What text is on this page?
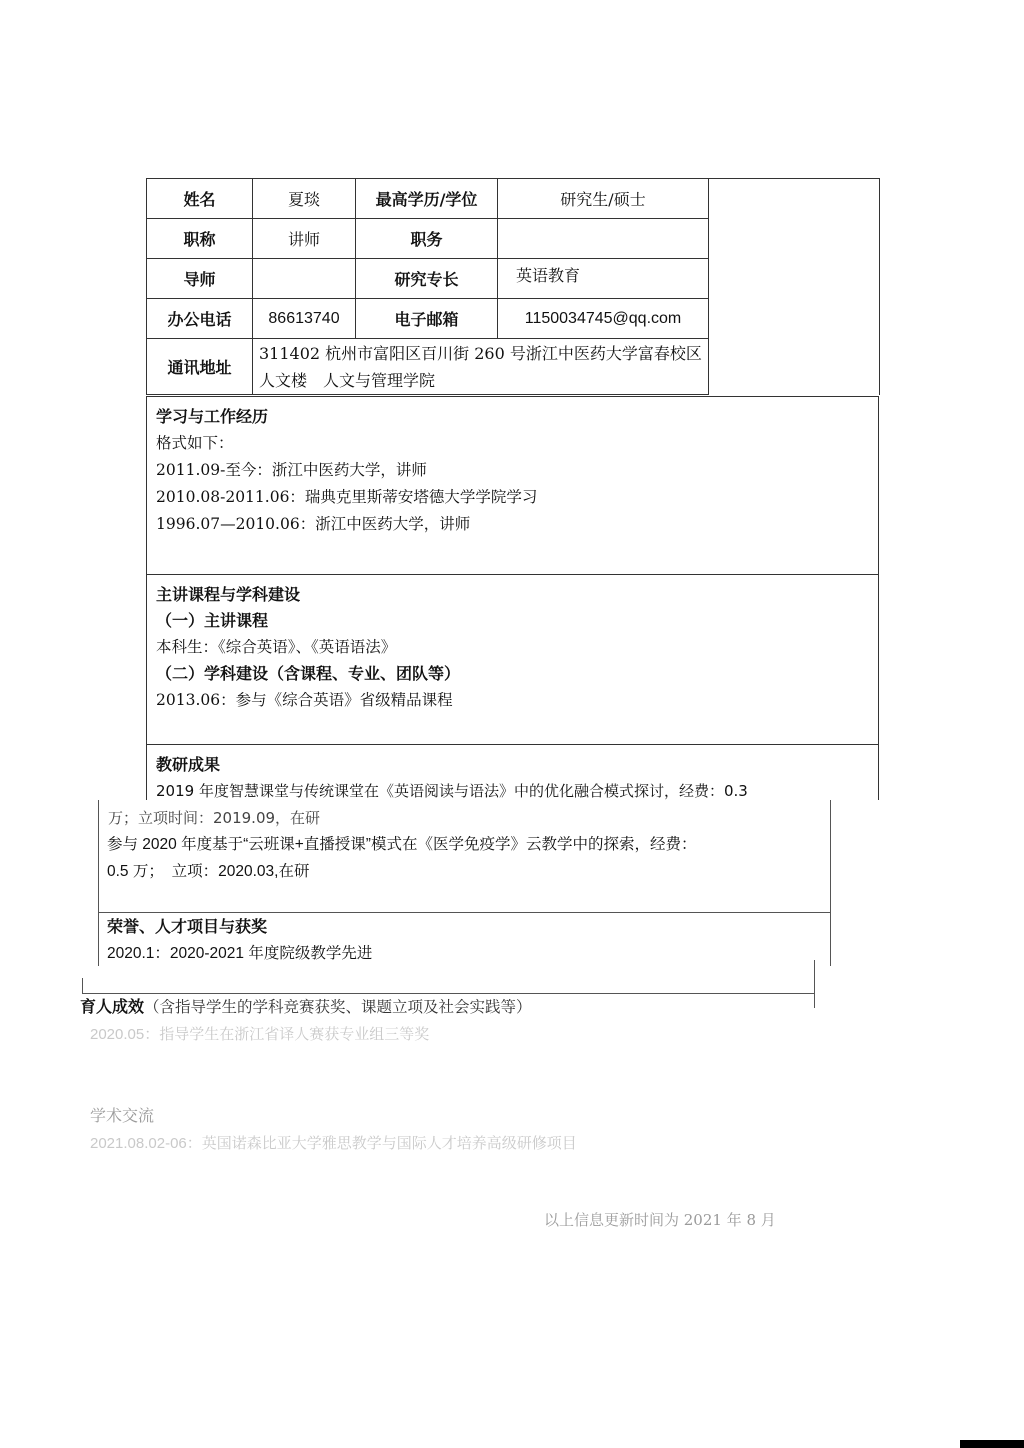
姓名	夏琰	最高学历/学位	研究生/硕士	
职称	讲师	职务		
导师		研究专长	英语教育	
办公电话	86613740	电子邮箱	1150034745@qq.com	
通讯地址	311402 杭州市富阳区百川街 260 号浙江中医药大学富春校区人文楼　人文与管理学院			
学习与工作经历
格式如下：
2011.09-至今：浙江中医药大学，讲师
2010.08-2011.06：瑞典克里斯蒂安塔德大学学院学习
1996.07—2010.06：浙江中医药大学，讲师
主讲课程与学科建设
（一）主讲课程
本科生：《综合英语》、《英语语法》
（二）学科建设（含课程、专业、团队等）
2013.06：参与《综合英语》省级精品课程
教研成果
2019 年度智慧课堂与传统课堂在《英语阅读与语法》中的优化融合模式探讨，经费：0.3
万；立项时间：2019.09，在研
参与 2020 年度基于“云班课+直播授课”模式在《医学免疫学》云教学中的探索，经费：
0.5 万；　立项：2020.03,在研
荣誉、人才项目与获奖
2020.1：2020-2021 年度院级教学先进
育人成效（含指导学生的学科竞赛获奖、课题立项及社会实践等）
2020.05：指导学生在浙江省译人赛获专业组三等奖
学术交流
2021.08.02-06：英国诺森比亚大学雅思教学与国际人才培养高级研修项目
以上信息更新时间为 2021 年 8 月
